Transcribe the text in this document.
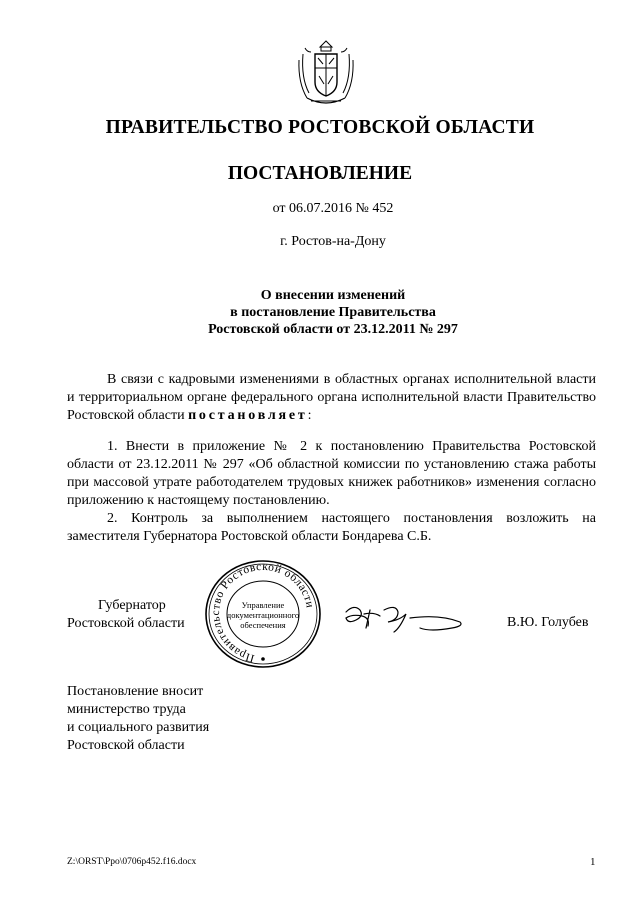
ПРАВИТЕЛЬСТВО РОСТОВСКОЙ ОБЛАСТИ
ПОСТАНОВЛЕНИЕ
от 06.07.2016 № 452
г. Ростов-на-Дону
О внесении изменений
в постановление Правительства
Ростовской области от 23.12.2011 № 297
В связи с кадровыми изменениями в областных органах исполнительной власти и территориальном органе федерального органа исполнительной власти Правительство Ростовской области постановляет:
1. Внести в приложение № 2 к постановлению Правительства Ростовской области от 23.12.2011 № 297 «Об областной комиссии по установлению стажа работы при массовой утрате работодателем трудовых книжек работников» изменения согласно приложению к настоящему постановлению.
2. Контроль за выполнением настоящего постановления возложить на заместителя Губернатора Ростовской области Бондарева С.Б.
Губернатор
Ростовской области
Правительство Ростовской области
Управление
документационного
обеспечения	В.Ю. Голубев
Постановление вносит
министерство труда
и социального развития
Ростовской области
Z:\ORST\Ppo\0706p452.f16.docx	1
